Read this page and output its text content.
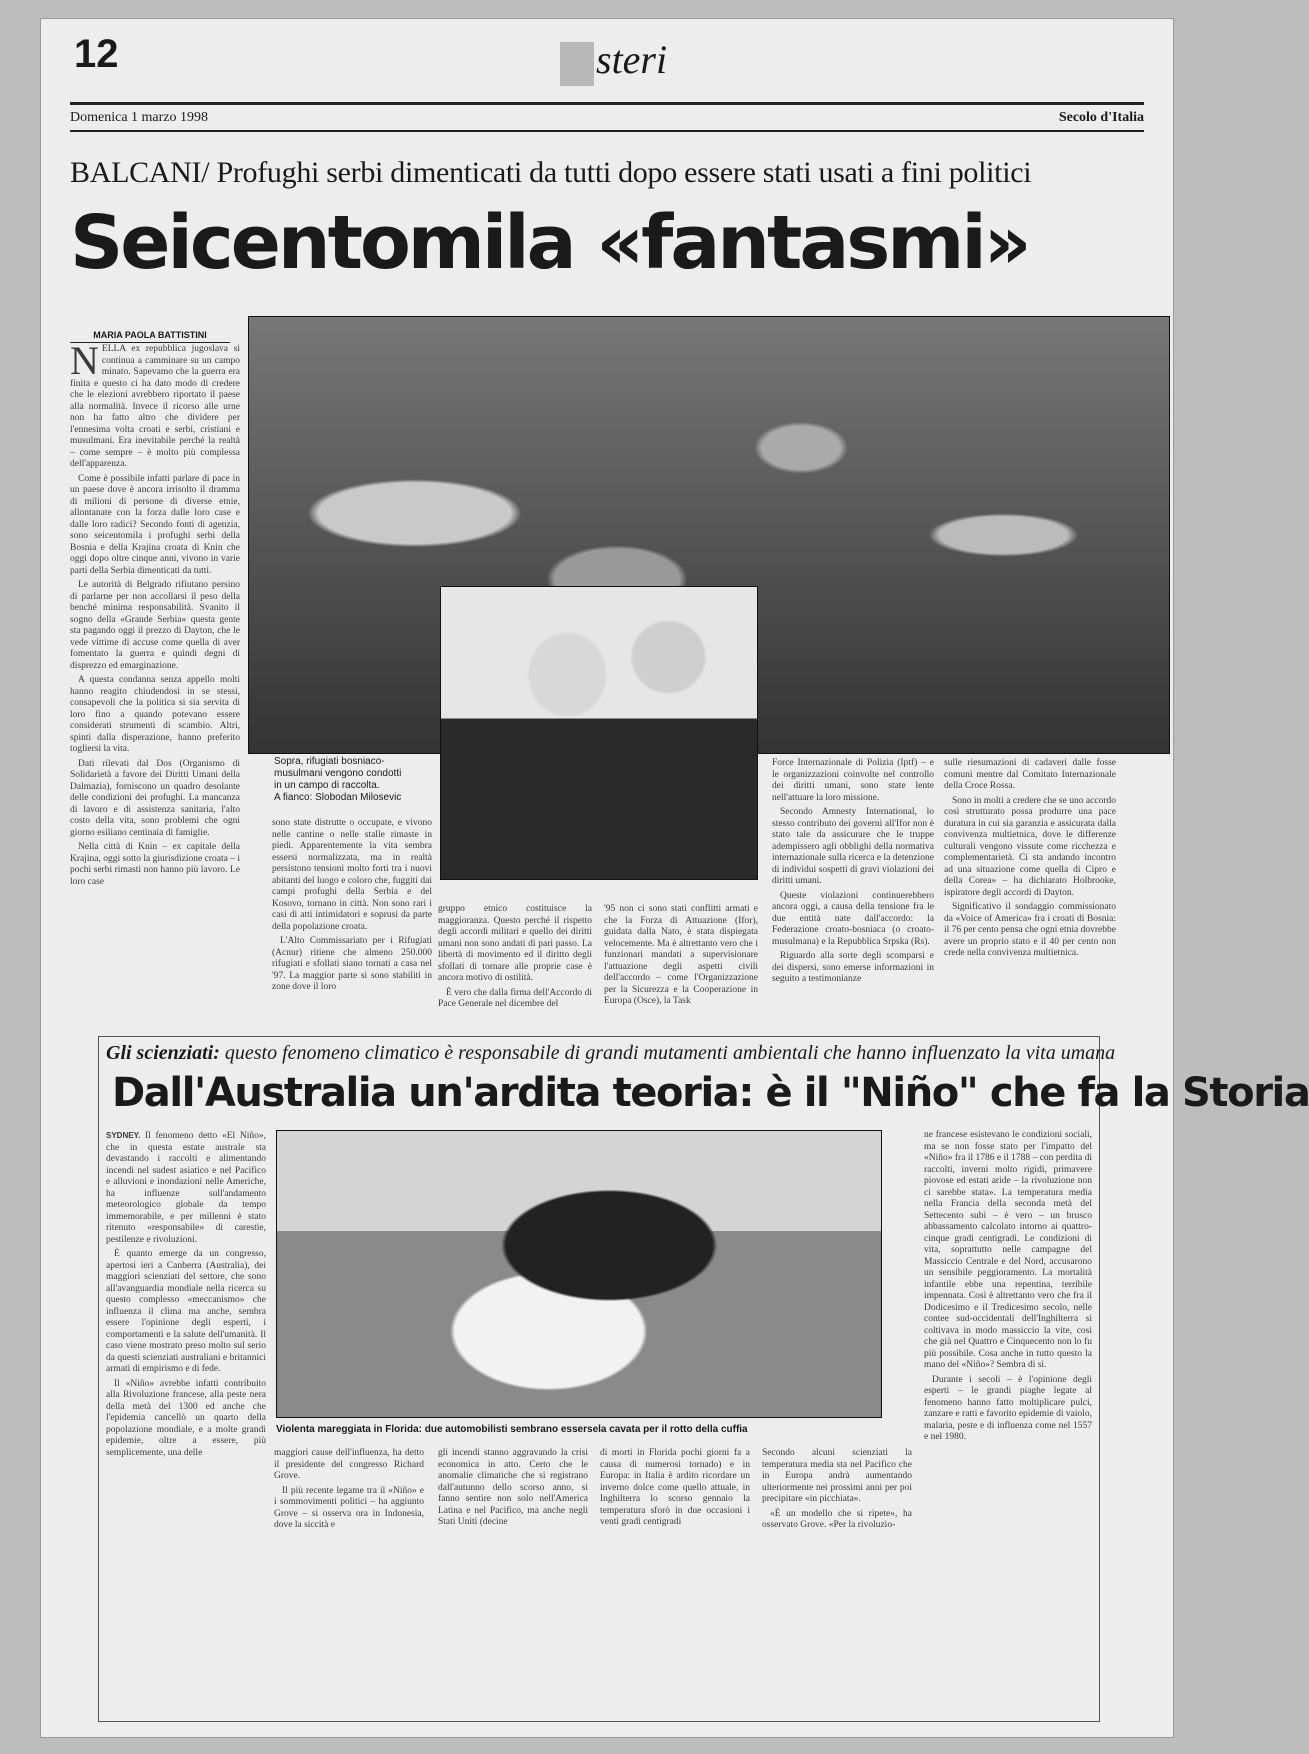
12	E steri
Domenica 1 marzo 1998	Secolo d'Italia
BALCANI/ Profughi serbi dimenticati da tutti dopo essere stati usati a fini politici
Seicentomila «fantasmi»
MARIA PAOLA BATTISTINI

NELLA ex repubblica jugoslava si continua a camminare su un campo minato. Sapevamo che la guerra era finita e questo ci ha dato modo di credere che le elezioni avrebbero riportato il paese alla normalità. Invece il ricorso alle urne non ha fatto altro che dividere per l'ennesima volta croati e serbi, cristiani e musulmani. Era inevitabile perché la realtà – come sempre – è molto più complessa dell'apparenza.

Come è possibile infatti parlare di pace in un paese dove è ancora irrisolto il dramma di milioni di persone di diverse etnie, allontanate con la forza dalle loro case e dalle loro radici? Secondo fonti di agenzia, sono seicentomila i profughi serbi della Bosnia e della Krajina croata di Knin che oggi dopo oltre cinque anni, vivono in varie parti della Serbia dimenticati da tutti.

Le autorità di Belgrado rifiutano persino di parlarne per non accollarsi il peso della benché minima responsabilità. Svanito il sogno della «Grande Serbia» questa gente sta pagando oggi il prezzo di Dayton, che le vede vittime di accuse come quella di aver fomentato la guerra e quindi degni di disprezzo ed emarginazione.

A questa condanna senza appello molti hanno reagito chiudendosi in se stessi, consapevoli che la politica si sia servita di loro fino a quando potevano essere considerati strumenti di scambio. Altri, spinti dalla disperazione, hanno preferito togliersi la vita.

Dati rilevati dal Dos (Organismo di Solidarietà a favore dei Diritti Umani della Dalmazia), forniscono un quadro desolante delle condizioni dei profughi. La mancanza di lavoro e di assistenza sanitaria, l'alto costo della vita, sono problemi che ogni giorno esiliano centinaia di famiglie.

Nella città di Knin – ex capitale della Krajina, oggi sotto la giurisdizione croata – i pochi serbi rimasti non hanno più lavoro. Le loro case

Sopra, rifugiati bosniaco-
musulmani vengono condotti
in un campo di raccolta.
A fianco: Slobodan Milosevic

sono state distrutte o occupate, e vivono nelle cantine o nelle stalle rimaste in piedi. Apparentemente la vita sembra essersi normalizzata, ma in realtà persistono tensioni molto forti tra i nuovi abitanti del luogo e coloro che, fuggiti dai campi profughi della Serbia e del Kosovo, tornano in città. Non sono rari i casi di atti intimidatori e soprusi da parte della popolazione croata.

L'Alto Commissariato per i Rifugiati (Acnur) ritiene che almeno 250.000 rifugiati e sfollati siano tornati a casa nel '97. La maggior parte si sono stabiliti in zone dove il loro

gruppo etnico costituisce la maggioranza. Questo perché il rispetto degli accordi militari e quello dei diritti umani non sono andati di pari passo. La libertà di movimento ed il diritto degli sfollati di tornare alle proprie case è ancora motivo di ostilità.

È vero che dalla firma dell'Accordo di Pace Generale nel dicembre del

'95 non ci sono stati conflitti armati e che la Forza di Attuazione (Ifor), guidata dalla Nato, è stata dispiegata velocemente. Ma è altrettanto vero che i funzionari mandati a supervisionare l'attuazione degli aspetti civili dell'accordo – come l'Organizzazione per la Sicurezza e la Cooperazione in Europa (Osce), la Task

Force Internazionale di Polizia (Iptf) – e le organizzazioni coinvolte nel controllo dei diritti umani, sono state lente nell'attuare la loro missione.

Secondo Amnesty International, lo stesso contributo dei governi all'Ifor non è stato tale da assicurare che le truppe adempissero agli obblighi della normativa internazionale sulla ricerca e la detenzione di individui sospetti di gravi violazioni dei diritti umani.

Queste violazioni continuerebbero ancora oggi, a causa della tensione fra le due entità nate dall'accordo: la Federazione croato-bosniaca (o croato-musulmana) e la Repubblica Srpska (Rs).

Riguardo alla sorte degli scomparsi e dei dispersi, sono emerse informazioni in seguito a testimonianze

sulle riesumazioni di cadaveri dalle fosse comuni mentre dal Comitato Internazionale della Croce Rossa.

Sono in molti a credere che se uno accordo così strutturato possa produrre una pace duratura in cui sia garanzia e assicurata dalla convivenza multietnica, dove le differenze culturali vengono vissute come ricchezza e complementarietà. Ci sta andando incontro ad una situazione come quella di Cipro e della Corea» – ha dichiarato Holbrooke, ispiratore degli accordi di Dayton.

Significativo il sondaggio commissionato da «Voice of America» fra i croati di Bosnia: il 76 per cento pensa che ogni etnia dovrebbe avere un proprio stato e il 40 per cento non crede nella convivenza multietnica.

Gli scienziati: questo fenomeno climatico è responsabile di grandi mutamenti ambientali che hanno influenzato la vita umana
Dall'Australia un'ardita teoria: è il "Niño" che fa la Storia

SYDNEY. Il fenomeno detto «El Niño», che in questa estate australe sta devastando i raccolti e alimentando incendi nel sudest asiatico e nel Pacifico e alluvioni e inondazioni nelle Americhe, ha influenze sull'andamento meteorologico globale da tempo immemorabile, e per millenni è stato ritenuto «responsabile» di carestie, pestilenze e rivoluzioni.

È quanto emerge da un congresso, apertosi ieri a Canberra (Australia), dei maggiori scienziati del settore, che sono all'avanguardia mondiale nella ricerca su questo complesso «meccanismo» che influenza il clima ma anche, sembra essere l'opinione degli esperti, i comportamenti e la salute dell'umanità. Il caso viene mostrato preso molto sul serio da questi scienziati australiani e britannici armati di empirismo e di fede.

Il «Niño» avrebbe infatti contribuito alla Rivoluzione francese, alla peste nera della metà del 1300 ed anche che l'epidemia cancellò un quarto della popolazione mondiale, e a molte grandi epidemie, oltre a essere, più semplicemente, una delle

Violenta mareggiata in Florida: due automobilisti sembrano essersela cavata per il rotto della cuffia

maggiori cause dell'influenza, ha detto il presidente del congresso Richard Grove.

Il più recente legame tra il «Niño» e i sommovimenti politici – ha aggiunto Grove – si osserva ora in Indonesia, dove la siccità e

gli incendi stanno aggravando la crisi economica in atto. Certo che le anomalie climatiche che si registrano dall'autunno dello scorso anno, si fanno sentire non solo nell'America Latina e nel Pacifico, ma anche negli Stati Uniti (decine

di morti in Florida pochi giorni fa a causa di numerosi tornado) e in Europa: in Italia è ardito ricordare un inverno dolce come quello attuale, in Inghilterra lo scorso gennaio la temperatura sforò in due occasioni i venti gradi centigradi

Secondo alcuni scienziati la temperatura media sta nel Pacifico che in Europa andrà aumentando ulteriormente nei prossimi anni per poi precipitare «in picchiata».

«È un modello che si ripete», ha osservato Grove. «Per la rivoluzio-

ne francese esistevano le condizioni sociali, ma se non fosse stato per l'impatto del «Niño» fra il 1786 e il 1788 – con perdita di raccolti, inverni molto rigidi, primavere piovose ed estati aride – la rivoluzione non ci sarebbe stata». La temperatura media nella Francia della seconda metà del Settecento subì – è vero – un brusco abbassamento calcolato intorno ai quattro-cinque gradi centigradi. Le condizioni di vita, soprattutto nelle campagne del Massiccio Centrale e del Nord, accusarono un sensibile peggioramento. La mortalità infantile ebbe una repentina, terribile impennata. Così è altrettanto vero che fra il Dodicesimo e il Tredicesimo secolo, nelle contee sud-occidentali dell'Inghilterra si coltivava in modo massiccio la vite, così che già nel Quattro e Cinquecento non lo fu più possibile. Cosa anche in tutto questo la mano del «Niño»? Sembra di sì.

Durante i secoli – è l'opinione degli esperti – le grandi piaghe legate al fenomeno hanno fatto moltiplicare pulci, zanzare e ratti e favorito epidemie di vaiolo, malaria, peste e di influenza come nel 1557 e nel 1980.
